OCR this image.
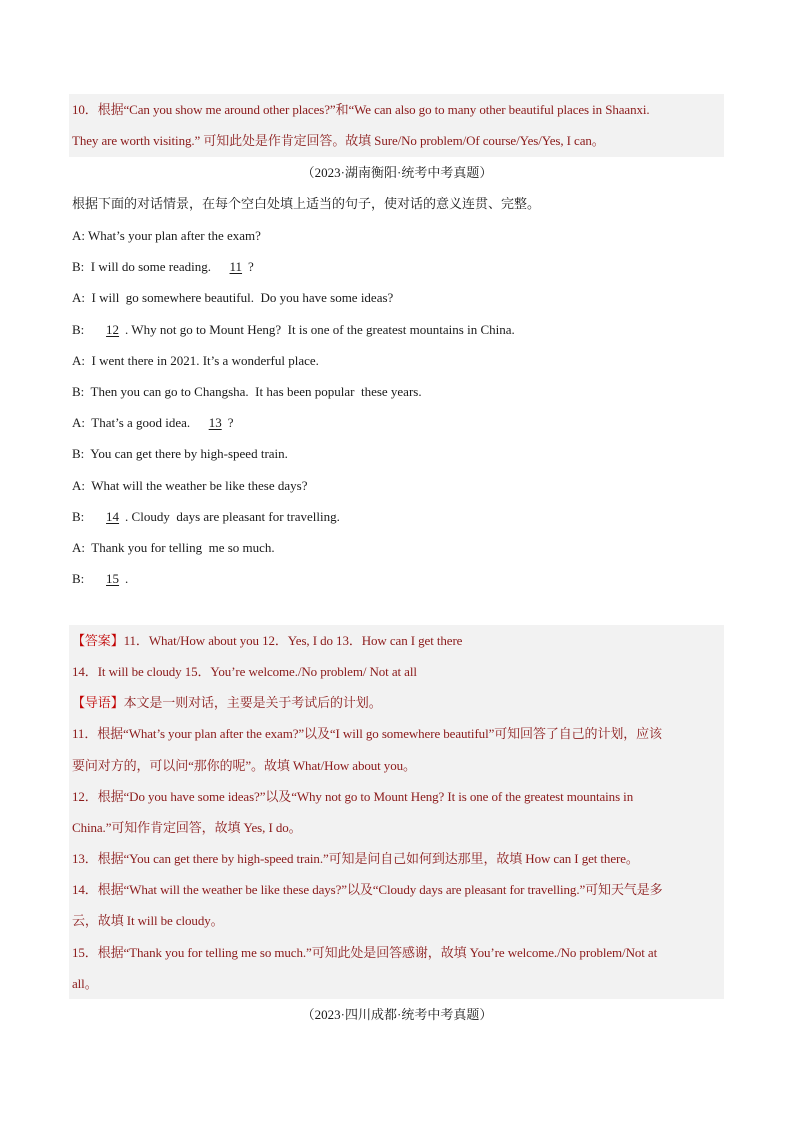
10．根据“Can you show me around other places?”和“We can also go to many other beautiful places in Shaanxi.
They are worth visiting.” 可知此处是作肯定回答。故填 Sure/No problem/Of course/Yes/Yes, I can。
（2023·湖南衡阳·统考中考真题）
根据下面的对话情景，在每个空白处填上适当的句子，使对话的意义连贯、完整。
A: What’s your plan after the exam?
B:  I will do some reading.  11 ?
A:  I will  go somewhere beautiful.  Do you have some ideas?
B:   12 . Why not go to Mount Heng?  It is one of the greatest mountains in China.
A:  I went there in 2021. It’s a wonderful place.
B:  Then you can go to Changsha.  It has been popular  these years.
A:  That’s a good idea.  13 ?
B:  You can get there by high-speed train.
A:  What will the weather be like these days?
B:   14 . Cloudy  days are pleasant for travelling.
A:  Thank you for telling  me so much.
B:   15 .
【答案】11．What/How about you 12．Yes, I do 13．How can I get there
14．It will be cloudy 15．You’re welcome./No problem/ Not at all
【导语】本文是一则对话，主要是关于考试后的计划。
11．根据“What’s your plan after the exam?”以及“I will go somewhere beautiful”可知回答了自己的计划，应该
要问对方的，可以问“那你的呢”。故填 What/How about you。
12．根据“Do you have some ideas?”以及“Why not go to Mount Heng? It is one of the greatest mountains in
China.”可知作肯定回答，故填 Yes, I do。
13．根据“You can get there by high-speed train.”可知是问自己如何到达那里，故填 How can I get there。
14．根据“What will the weather be like these days?”以及“Cloudy days are pleasant for travelling.”可知天气是多
云，故填 It will be cloudy。
15．根据“Thank you for telling me so much.”可知此处是回答感谢，故填 You’re welcome./No problem/Not at
all。
（2023·四川成都·统考中考真题）
